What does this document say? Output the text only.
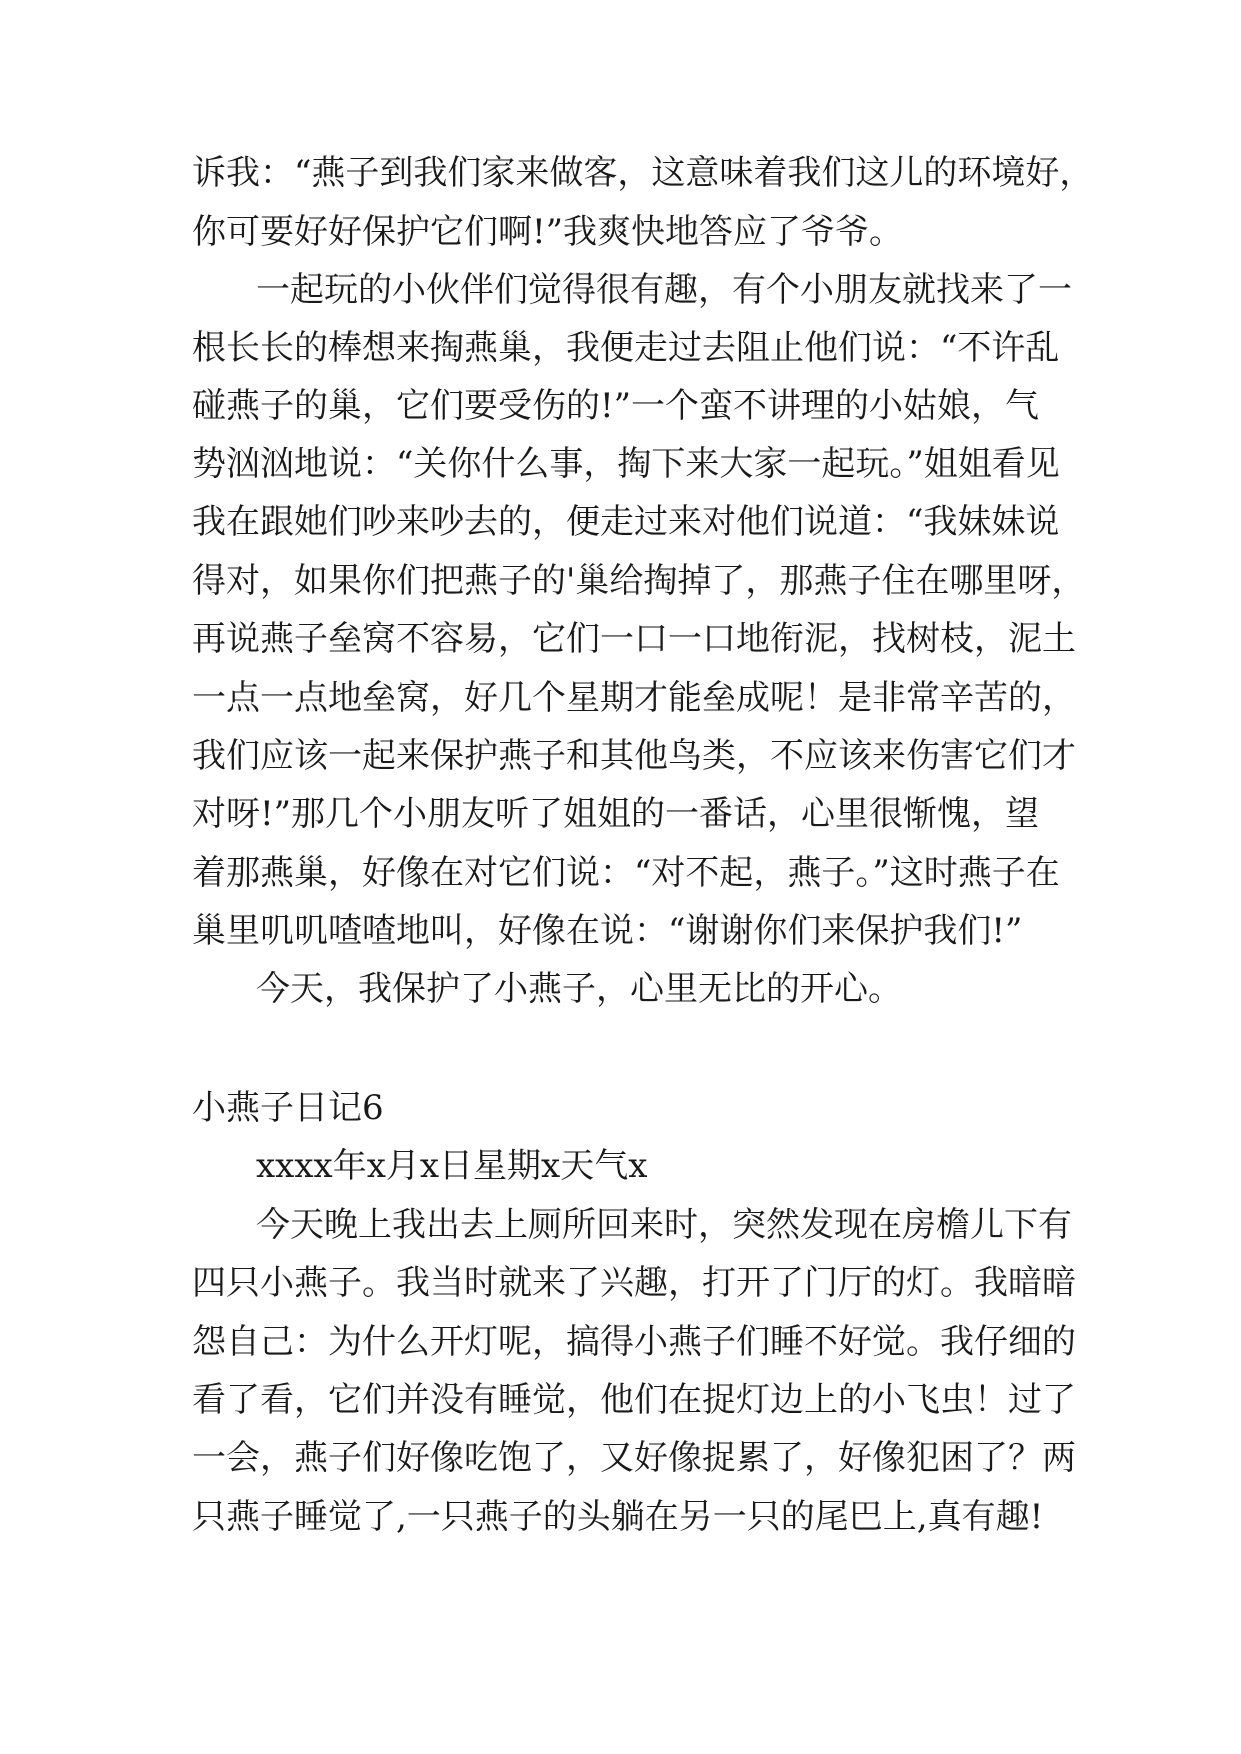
诉我：“燕子到我们家来做客，这意味着我们这儿的环境好，
你可要好好保护它们啊!”我爽快地答应了爷爷。
一起玩的小伙伴们觉得很有趣，有个小朋友就找来了一
根长长的棒想来掏燕巢，我便走过去阻止他们说：“不许乱
碰燕子的巢，它们要受伤的!”一个蛮不讲理的小姑娘，气
势汹汹地说：“关你什么事，掏下来大家一起玩。”姐姐看见
我在跟她们吵来吵去的，便走过来对他们说道：“我妹妹说
得对，如果你们把燕子的'巢给掏掉了，那燕子住在哪里呀，
再说燕子垒窝不容易，它们一口一口地衔泥，找树枝，泥土
一点一点地垒窝，好几个星期才能垒成呢！是非常辛苦的，
我们应该一起来保护燕子和其他鸟类，不应该来伤害它们才
对呀!”那几个小朋友听了姐姐的一番话，心里很惭愧，望
着那燕巢，好像在对它们说：“对不起，燕子。”这时燕子在
巢里叽叽喳喳地叫，好像在说：“谢谢你们来保护我们!”
今天，我保护了小燕子，心里无比的开心。
小燕子日记6
xxxx年x月x日星期x天气x
今天晚上我出去上厕所回来时，突然发现在房檐儿下有
四只小燕子。我当时就来了兴趣，打开了门厅的灯。我暗暗
怨自己：为什么开灯呢，搞得小燕子们睡不好觉。我仔细的
看了看，它们并没有睡觉，他们在捉灯边上的小飞虫！过了
一会，燕子们好像吃饱了，又好像捉累了，好像犯困了？两
只燕子睡觉了,一只燕子的头躺在另一只的尾巴上,真有趣!
